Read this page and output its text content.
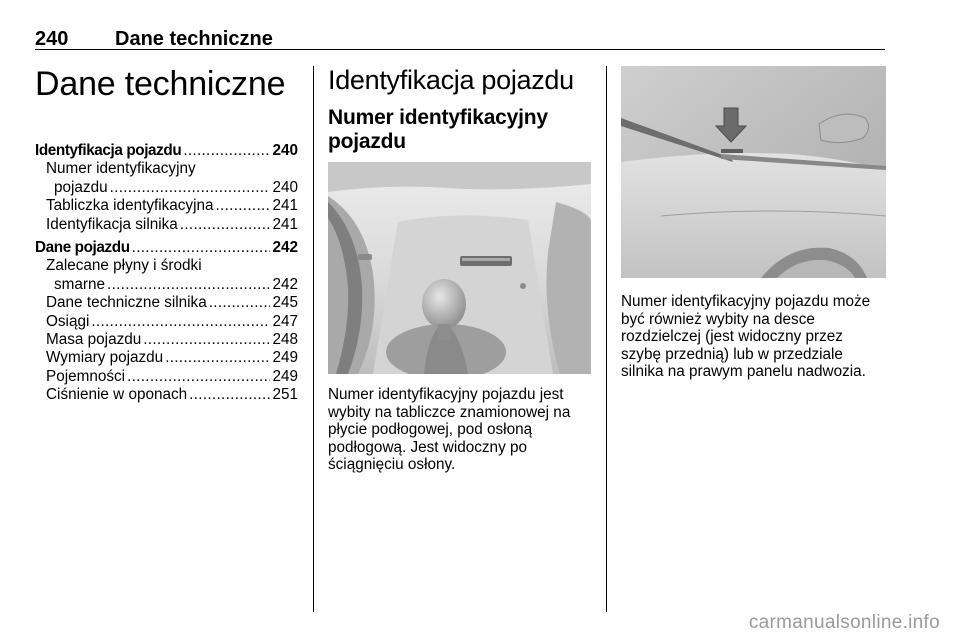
240 Dane techniczne
Dane techniczne
Identyfikacja pojazdu .....	240
Numer identyfikacyjny
pojazdu .....	240
Tabliczka identyfikacyjna .....	241
Identyfikacja silnika .....	241
Dane pojazdu .....	242
Zalecane płyny i środki
smarne .....	242
Dane techniczne silnika .....	245
Osiągi .....	247
Masa pojazdu .....	248
Wymiary pojazdu .....	249
Pojemności .....	249
Ciśnienie w oponach .....	251
Identyfikacja pojazdu
Numer identyfikacyjny
pojazdu
Numer identyfikacyjny pojazdu jest wybity na tabliczce znamionowej na płycie podłogowej, pod osłoną podłogową. Jest widoczny po ściągnięciu osłony.
Numer identyfikacyjny pojazdu może być również wybity na desce rozdzielczej (jest widoczny przez szybę przednią) lub w przedziale silnika na prawym panelu nadwozia.
carmanualsonline.info
